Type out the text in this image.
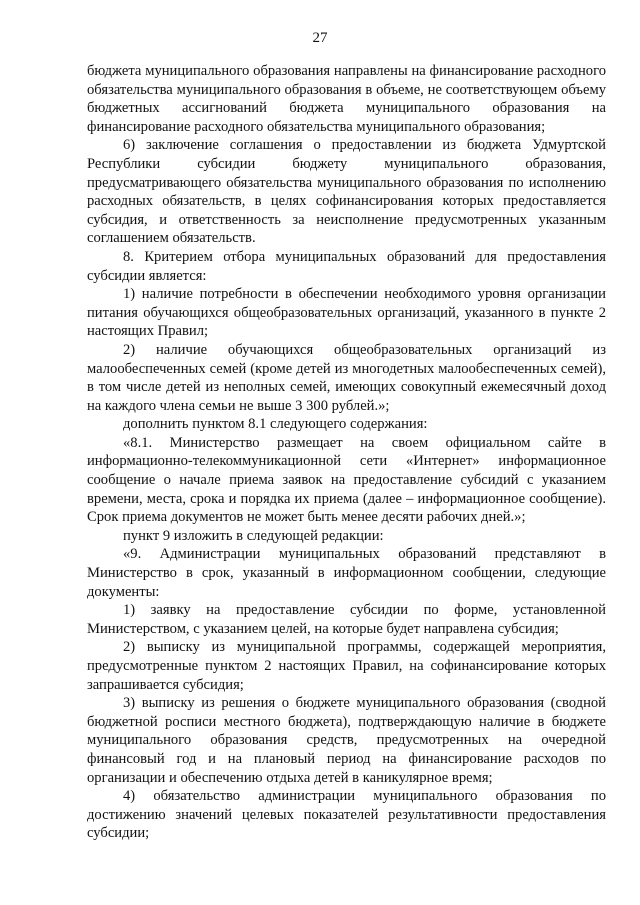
27

бюджета муниципального образования направлены на финансирование расходного обязательства муниципального образования в объеме, не соответствующем объему бюджетных ассигнований бюджета муниципального образования на финансирование расходного обязательства муниципального образования;

6) заключение соглашения о предоставлении из бюджета Удмуртской Республики субсидии бюджету муниципального образования, предусматривающего обязательства муниципального образования по исполнению расходных обязательств, в целях софинансирования которых предоставляется субсидия, и ответственность за неисполнение предусмотренных указанным соглашением обязательств.

8. Критерием отбора муниципальных образований для предоставления субсидии является:

1) наличие потребности в обеспечении необходимого уровня организации питания обучающихся общеобразовательных организаций, указанного в пункте 2 настоящих Правил;

2) наличие обучающихся общеобразовательных организаций из малообеспеченных семей (кроме детей из многодетных малообеспеченных семей), в том числе детей из неполных семей, имеющих совокупный ежемесячный доход на каждого члена семьи не выше 3 300 рублей.»;

дополнить пунктом 8.1 следующего содержания:

«8.1. Министерство размещает на своем официальном сайте в информационно-телекоммуникационной сети «Интернет» информационное сообщение о начале приема заявок на предоставление субсидий с указанием времени, места, срока и порядка их приема (далее – информационное сообщение). Срок приема документов не может быть менее десяти рабочих дней.»;

пункт 9 изложить в следующей редакции:

«9. Администрации муниципальных образований представляют в Министерство в срок, указанный в информационном сообщении, следующие документы:

1) заявку на предоставление субсидии по форме, установленной Министерством, с указанием целей, на которые будет направлена субсидия;

2) выписку из муниципальной программы, содержащей мероприятия, предусмотренные пунктом 2 настоящих Правил, на софинансирование которых запрашивается субсидия;

3) выписку из решения о бюджете муниципального образования (сводной бюджетной росписи местного бюджета), подтверждающую наличие в бюджете муниципального образования средств, предусмотренных на очередной финансовый год и на плановый период на финансирование расходов по организации и обеспечению отдыха детей в каникулярное время;

4) обязательство администрации муниципального образования по достижению значений целевых показателей результативности предоставления субсидии;
